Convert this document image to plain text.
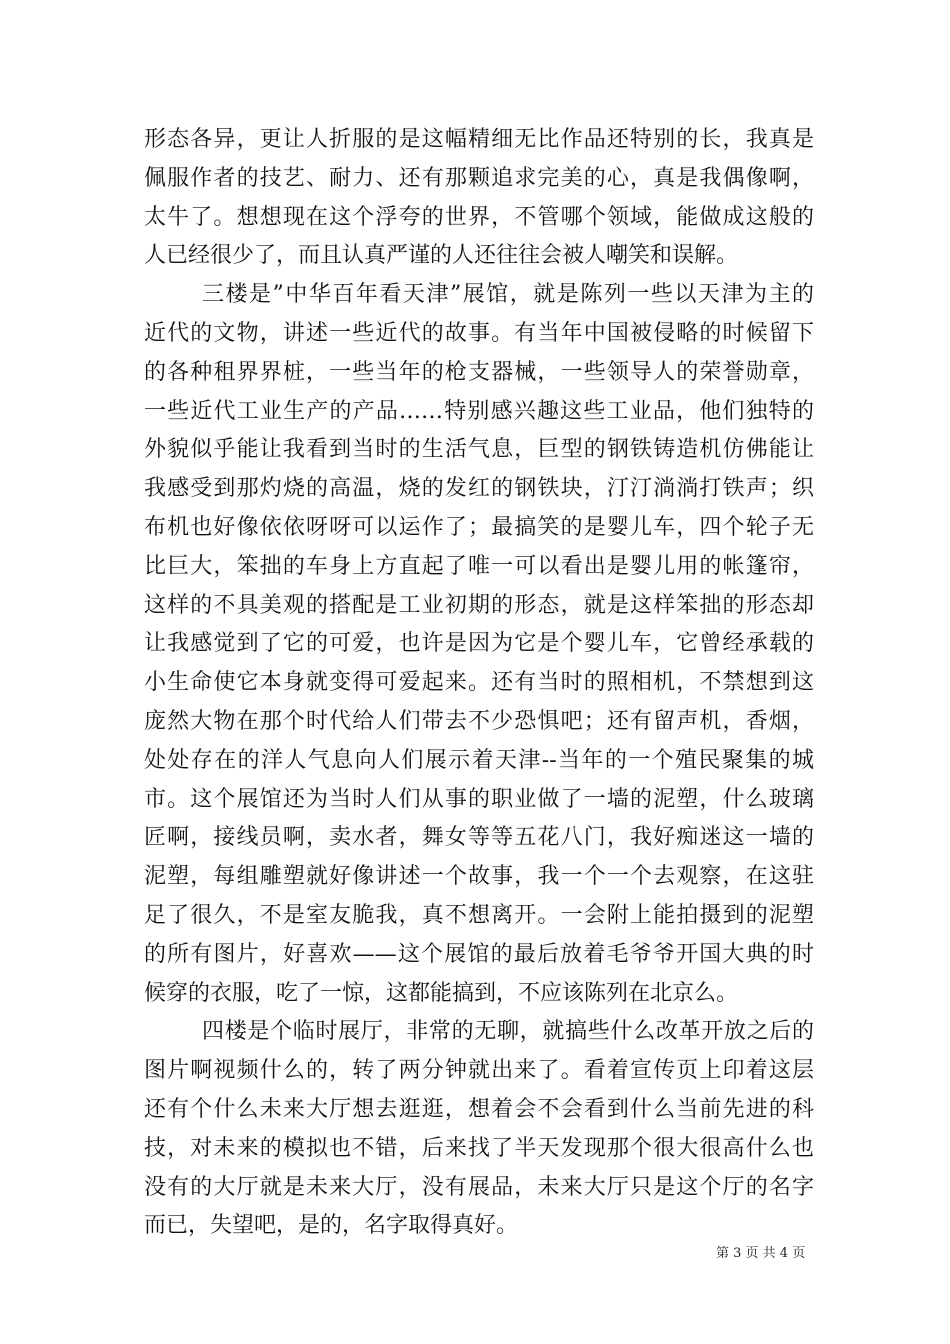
形态各异，更让人折服的是这幅精细无比作品还特别的长，我真是
佩服作者的技艺、耐力、还有那颗追求完美的心，真是我偶像啊，
太牛了。想想现在这个浮夸的世界，不管哪个领域，能做成这般的
人已经很少了，而且认真严谨的人还往往会被人嘲笑和误解。
三楼是”中华百年看天津”展馆，就是陈列一些以天津为主的
近代的文物，讲述一些近代的故事。有当年中国被侵略的时候留下
的各种租界界桩，一些当年的枪支器械，一些领导人的荣誉勋章，
一些近代工业生产的产品……特别感兴趣这些工业品，他们独特的
外貌似乎能让我看到当时的生活气息，巨型的钢铁铸造机仿佛能让
我感受到那灼烧的高温，烧的发红的钢铁块，汀汀淌淌打铁声；织
布机也好像依依呀呀可以运作了；最搞笑的是婴儿车，四个轮子无
比巨大，笨拙的车身上方直起了唯一可以看出是婴儿用的帐篷帘，
这样的不具美观的搭配是工业初期的形态，就是这样笨拙的形态却
让我感觉到了它的可爱，也许是因为它是个婴儿车，它曾经承载的
小生命使它本身就变得可爱起来。还有当时的照相机，不禁想到这
庞然大物在那个时代给人们带去不少恐惧吧；还有留声机，香烟，
处处存在的洋人气息向人们展示着天津--当年的一个殖民聚集的城
市。这个展馆还为当时人们从事的职业做了一墙的泥塑，什么玻璃
匠啊，接线员啊，卖水者，舞女等等五花八门，我好痴迷这一墙的
泥塑，每组雕塑就好像讲述一个故事，我一个一个去观察，在这驻
足了很久，不是室友脆我，真不想离开。一会附上能拍摄到的泥塑
的所有图片，好喜欢——这个展馆的最后放着毛爷爷开国大典的时
候穿的衣服，吃了一惊，这都能搞到，不应该陈列在北京么。
四楼是个临时展厅，非常的无聊，就搞些什么改革开放之后的
图片啊视频什么的，转了两分钟就出来了。看着宣传页上印着这层
还有个什么未来大厅想去逛逛，想着会不会看到什么当前先进的科
技，对未来的模拟也不错，后来找了半天发现那个很大很高什么也
没有的大厅就是未来大厅，没有展品，未来大厅只是这个厅的名字
而已，失望吧，是的，名字取得真好。
第 3 页 共 4 页
